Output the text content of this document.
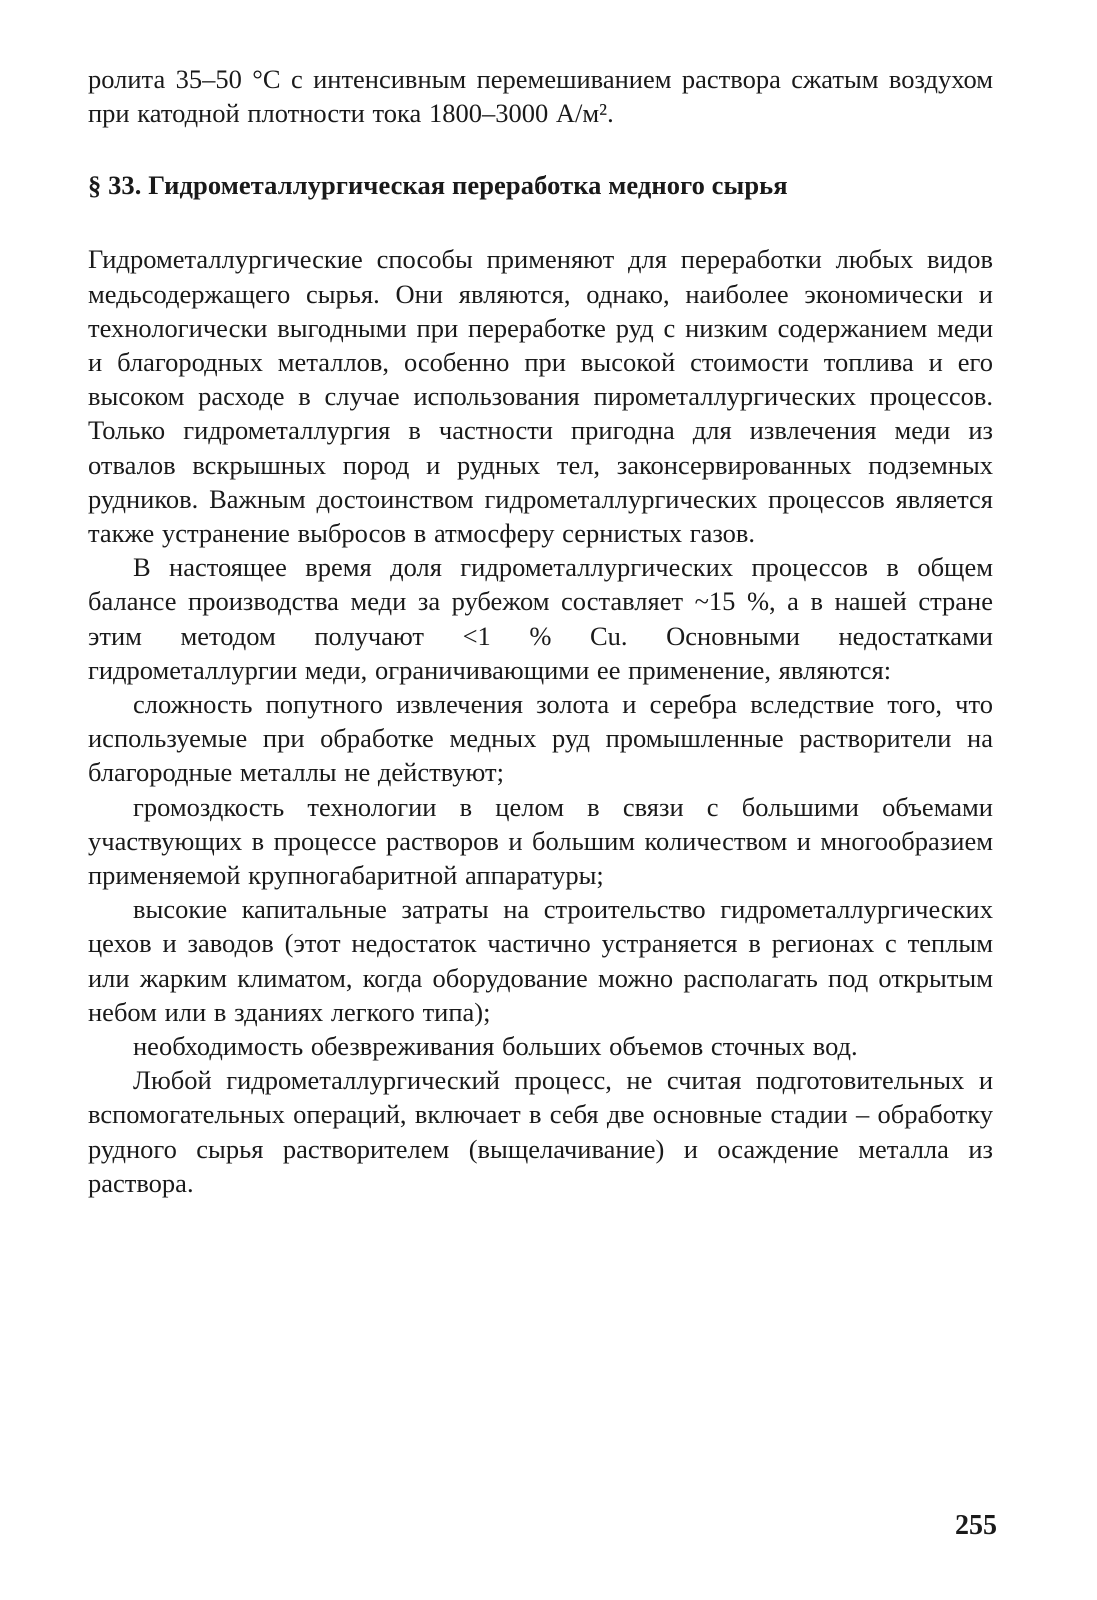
ролита 35–50 °С с интенсивным перемешиванием раствора сжатым воздухом при катодной плотности тока 1800–3000 А/м².

§ 33. Гидрометаллургическая переработка медного сырья

Гидрометаллургические способы применяют для переработки любых видов медьсодержащего сырья. Они являются, однако, наиболее экономически и технологически выгодными при переработке руд с низким содержанием меди и благородных металлов, особенно при высокой стоимости топлива и его высоком расходе в случае использования пирометаллургических процессов. Только гидрометаллургия в частности пригодна для извлечения меди из отвалов вскрышных пород и рудных тел, законсервированных подземных рудников. Важным достоинством гидрометаллургических процессов является также устранение выбросов в атмосферу сернистых газов.

В настоящее время доля гидрометаллургических процессов в общем балансе производства меди за рубежом составляет ~15 %, а в нашей стране этим методом получают <1 % Cu. Основными недостатками гидрометаллургии меди, ограничивающими ее применение, являются:

сложность попутного извлечения золота и серебра вследствие того, что используемые при обработке медных руд промышленные растворители на благородные металлы не действуют;

громоздкость технологии в целом в связи с большими объемами участвующих в процессе растворов и большим количеством и многообразием применяемой крупногабаритной аппаратуры;

высокие капитальные затраты на строительство гидрометаллургических цехов и заводов (этот недостаток частично устраняется в регионах с теплым или жарким климатом, когда оборудование можно располагать под открытым небом или в зданиях легкого типа);

необходимость обезвреживания больших объемов сточных вод.

Любой гидрометаллургический процесс, не считая подготовительных и вспомогательных операций, включает в себя две основные стадии – обработку рудного сырья растворителем (выщелачивание) и осаждение металла из раствора.

255
